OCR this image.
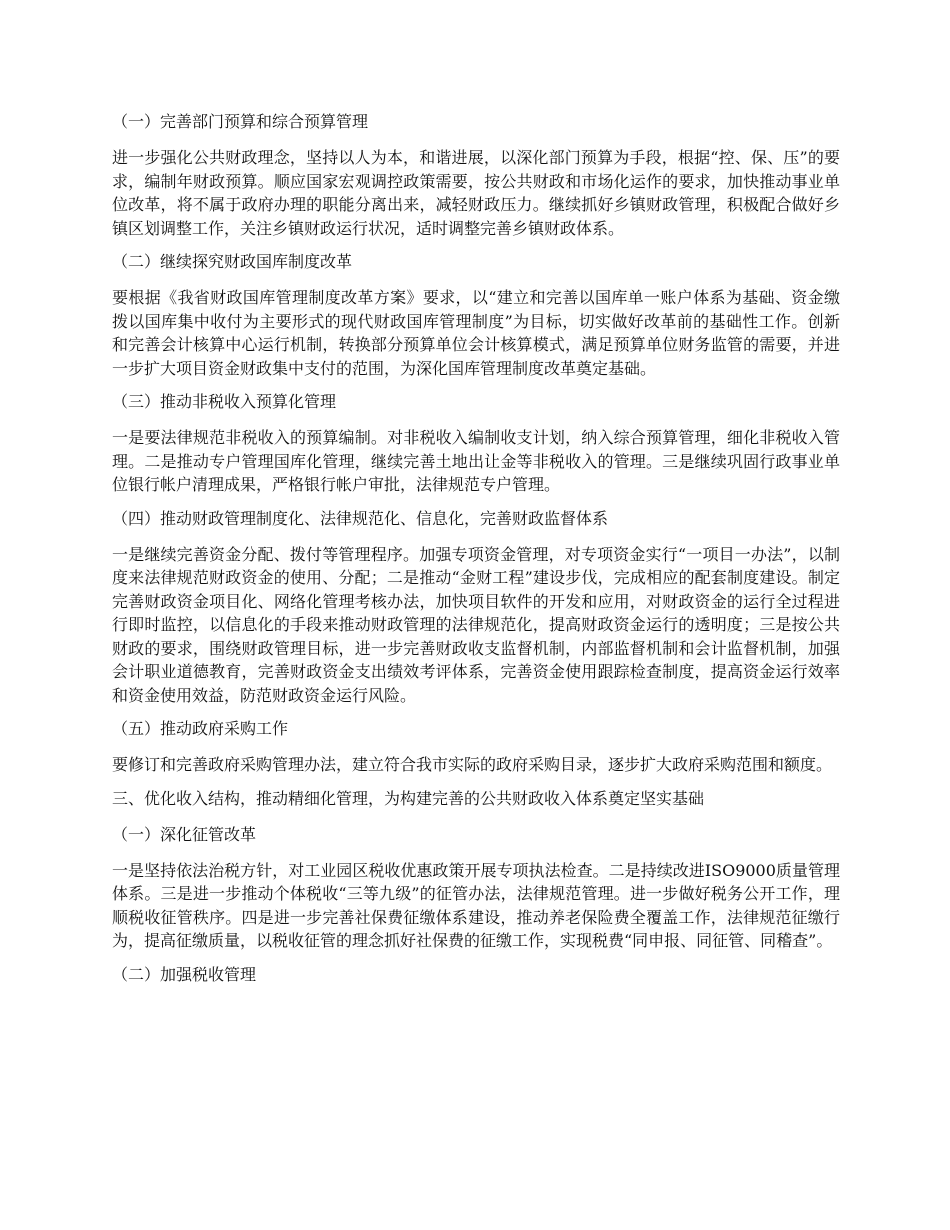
（一）完善部门预算和综合预算管理
进一步强化公共财政理念，坚持以人为本，和谐进展，以深化部门预算为手段，根据“控、保、压”的要求，编制年财政预算。顺应国家宏观调控政策需要，按公共财政和市场化运作的要求，加快推动事业单位改革，将不属于政府办理的职能分离出来，减轻财政压力。继续抓好乡镇财政管理，积极配合做好乡镇区划调整工作，关注乡镇财政运行状况，适时调整完善乡镇财政体系。
（二）继续探究财政国库制度改革
要根据《我省财政国库管理制度改革方案》要求，以“建立和完善以国库单一账户体系为基础、资金缴拨以国库集中收付为主要形式的现代财政国库管理制度”为目标，切实做好改革前的基础性工作。创新和完善会计核算中心运行机制，转换部分预算单位会计核算模式，满足预算单位财务监管的需要，并进一步扩大项目资金财政集中支付的范围，为深化国库管理制度改革奠定基础。
（三）推动非税收入预算化管理
一是要法律规范非税收入的预算编制。对非税收入编制收支计划，纳入综合预算管理，细化非税收入管理。二是推动专户管理国库化管理，继续完善土地出让金等非税收入的管理。三是继续巩固行政事业单位银行帐户清理成果，严格银行帐户审批，法律规范专户管理。
（四）推动财政管理制度化、法律规范化、信息化，完善财政监督体系
一是继续完善资金分配、拨付等管理程序。加强专项资金管理，对专项资金实行“一项目一办法”，以制度来法律规范财政资金的使用、分配；二是推动“金财工程”建设步伐，完成相应的配套制度建设。制定完善财政资金项目化、网络化管理考核办法，加快项目软件的开发和应用，对财政资金的运行全过程进行即时监控，以信息化的手段来推动财政管理的法律规范化，提高财政资金运行的透明度；三是按公共财政的要求，围绕财政管理目标，进一步完善财政收支监督机制，内部监督机制和会计监督机制，加强会计职业道德教育，完善财政资金支出绩效考评体系，完善资金使用跟踪检查制度，提高资金运行效率和资金使用效益，防范财政资金运行风险。
（五）推动政府采购工作
要修订和完善政府采购管理办法，建立符合我市实际的政府采购目录，逐步扩大政府采购范围和额度。
三、优化收入结构，推动精细化管理，为构建完善的公共财政收入体系奠定坚实基础
（一）深化征管改革
一是坚持依法治税方针，对工业园区税收优惠政策开展专项执法检查。二是持续改进ISO9000质量管理体系。三是进一步推动个体税收“三等九级”的征管办法，法律规范管理。进一步做好税务公开工作，理顺税收征管秩序。四是进一步完善社保费征缴体系建设，推动养老保险费全覆盖工作，法律规范征缴行为，提高征缴质量，以税收征管的理念抓好社保费的征缴工作，实现税费“同申报、同征管、同稽查”。
（二）加强税收管理
